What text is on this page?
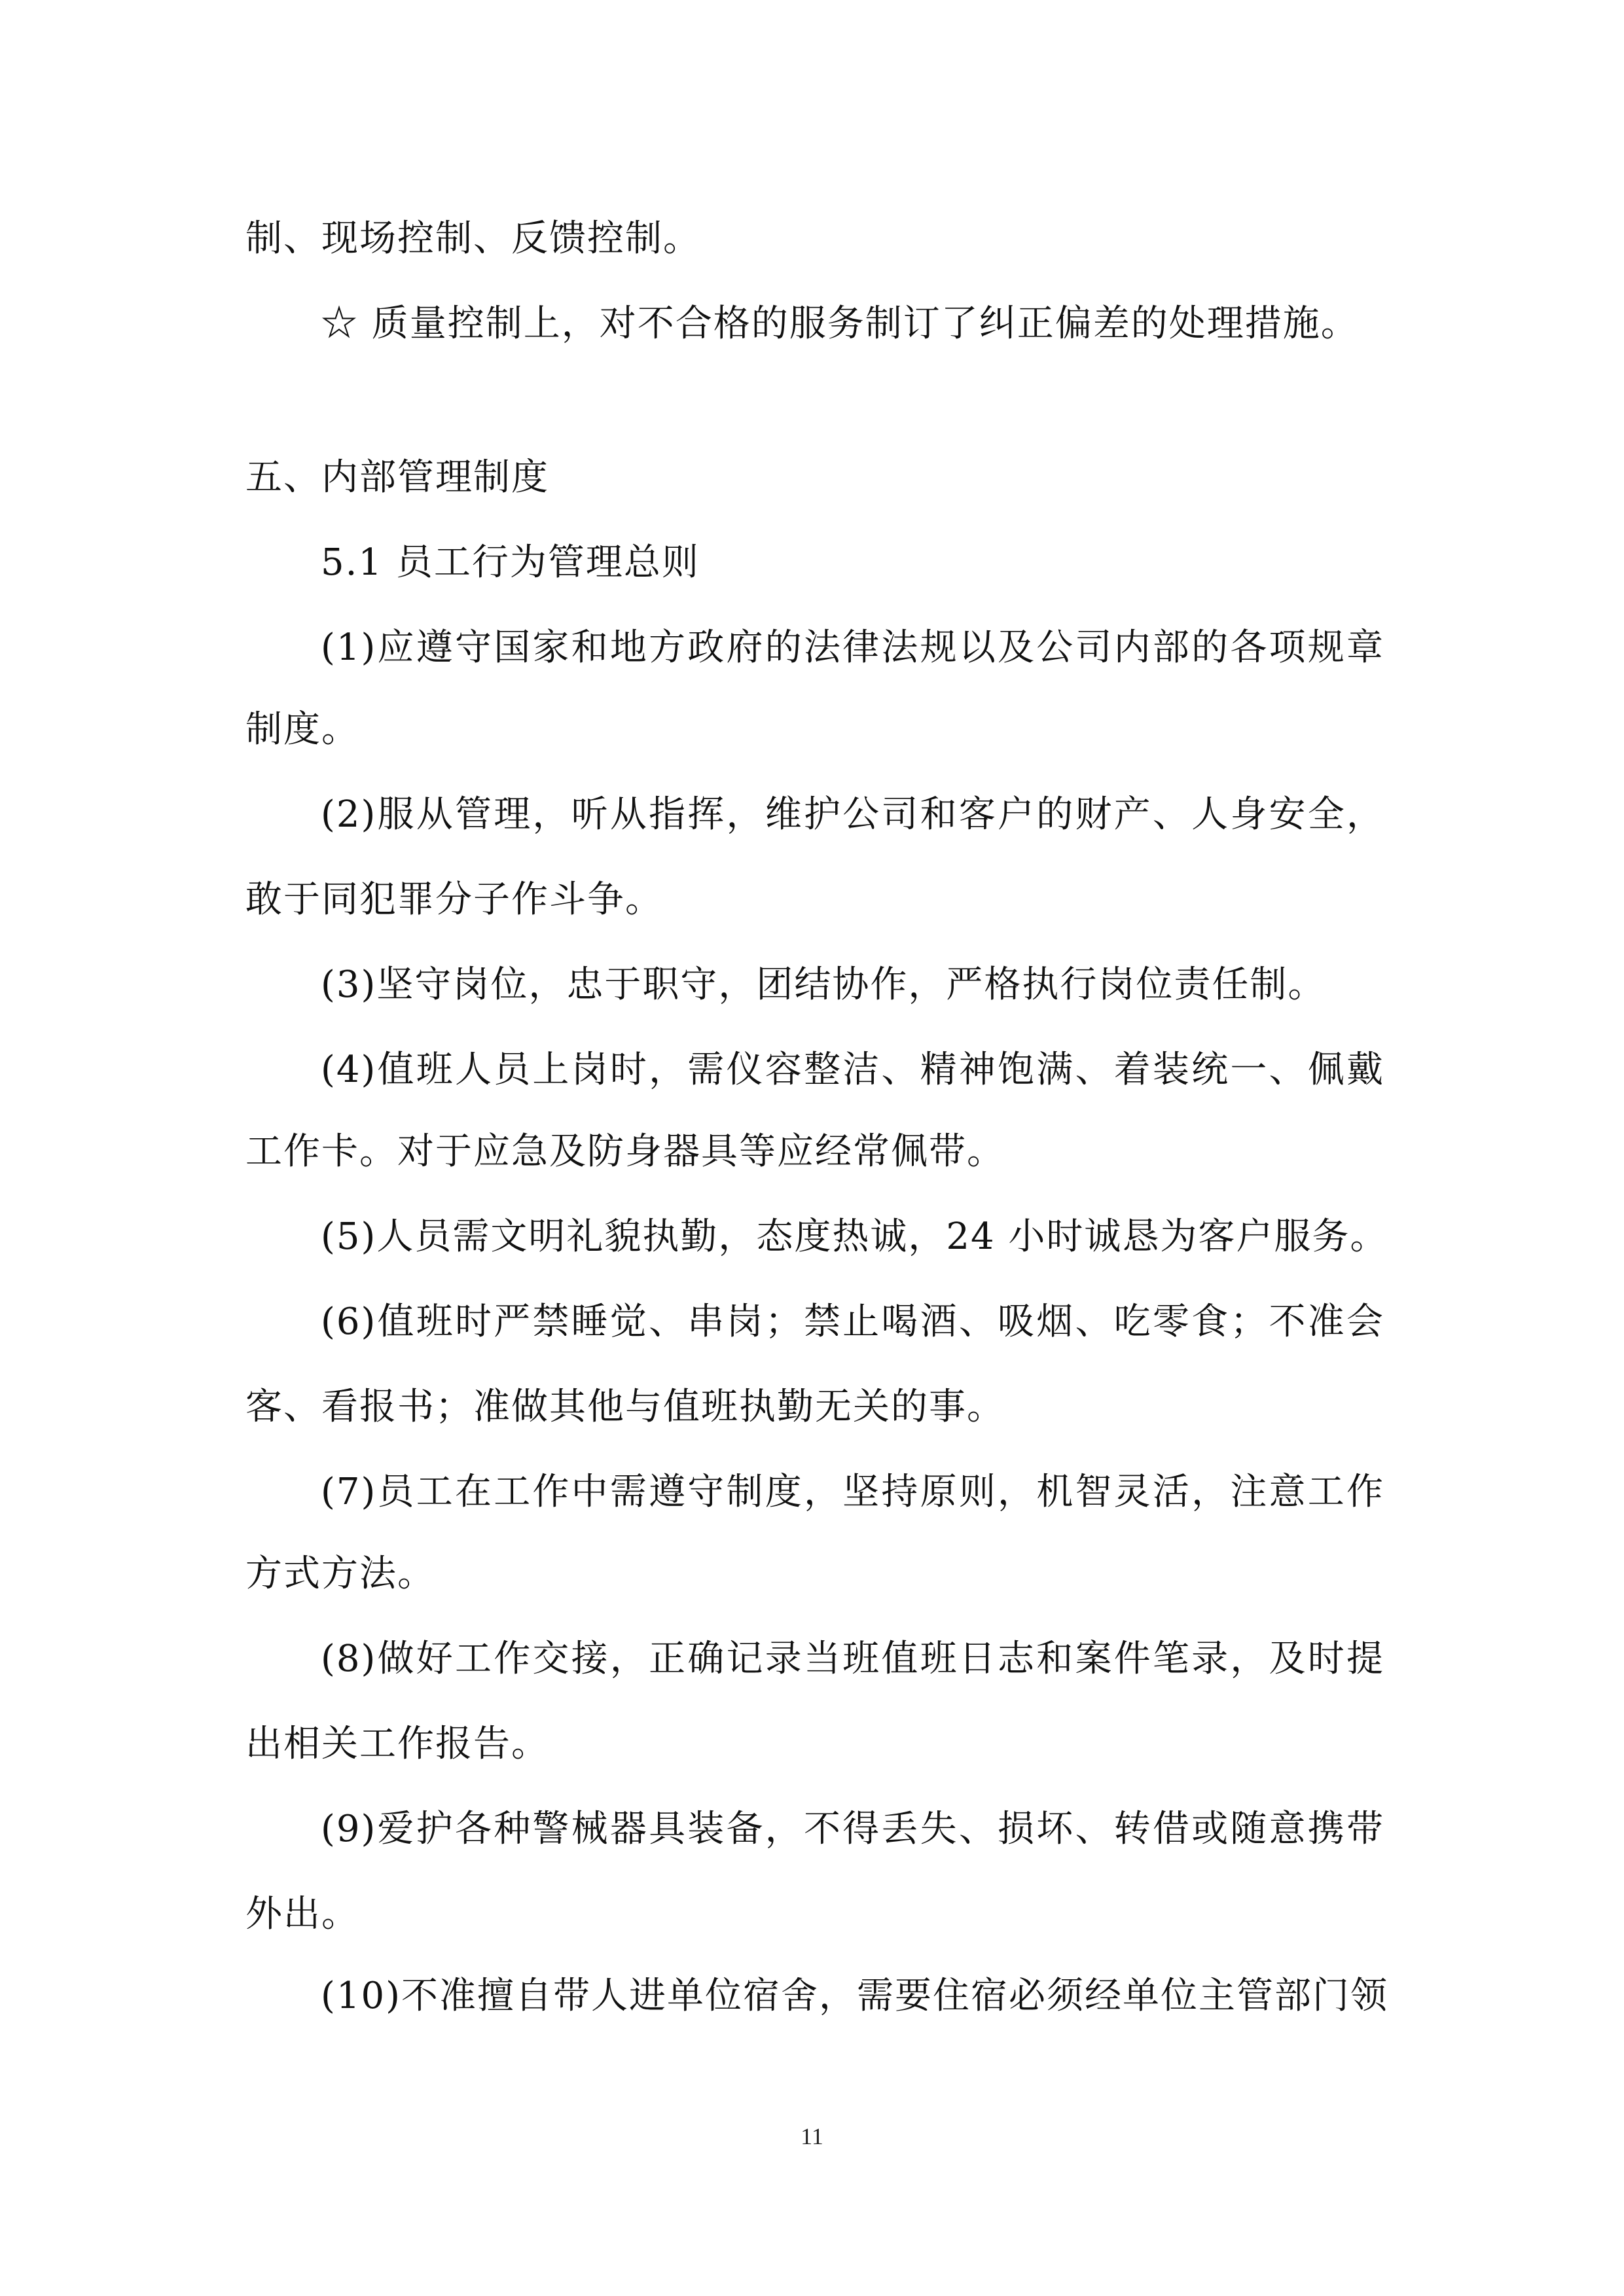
制、现场控制、反馈控制。
☆ 质量控制上，对不合格的服务制订了纠正偏差的处理措施。
五、内部管理制度
5.1 员工行为管理总则
(1)应遵守国家和地方政府的法律法规以及公司内部的各项规章
制度。
(2)服从管理，听从指挥，维护公司和客户的财产、人身安全，
敢于同犯罪分子作斗争。
(3)坚守岗位，忠于职守，团结协作，严格执行岗位责任制。
(4)值班人员上岗时，需仪容整洁、精神饱满、着装统一、佩戴
工作卡。对于应急及防身器具等应经常佩带。
(5)人员需文明礼貌执勤，态度热诚，24 小时诚恳为客户服务。
(6)值班时严禁睡觉、串岗；禁止喝酒、吸烟、吃零食；不准会
客、看报书；准做其他与值班执勤无关的事。
(7)员工在工作中需遵守制度，坚持原则，机智灵活，注意工作
方式方法。
(8)做好工作交接，正确记录当班值班日志和案件笔录，及时提
出相关工作报告。
(9)爱护各种警械器具装备，不得丢失、损坏、转借或随意携带
外出。
(10)不准擅自带人进单位宿舍，需要住宿必须经单位主管部门领
11
